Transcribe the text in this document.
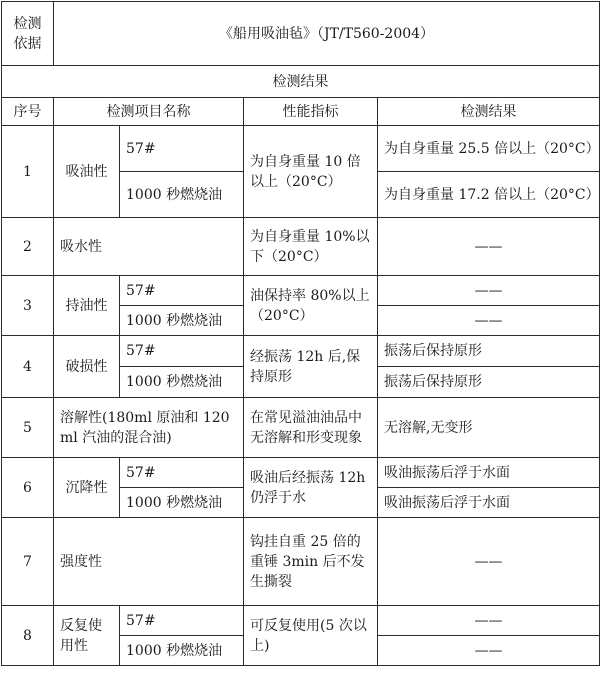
检测依据	《船用吸油毡》（JT/T560-2004）			
检测结果				
序号	检测项目名称		性能指标	检测结果
1	吸油性	57#	为自身重量 10 倍以上（20°C）	为自身重量 25.5 倍以上（20°C）
		1000 秒燃烧油		为自身重量 17.2 倍以上（20°C）
2	吸水性		为自身重量 10%以下（20°C）	——
3	持油性	57#	油保持率 80%以上（20°C）	——
		1000 秒燃烧油		——
4	破损性	57#	经振荡 12h 后,保持原形	振荡后保持原形
		1000 秒燃烧油		振荡后保持原形
5	溶解性(180ml 原油和 120ml 汽油的混合油)		在常见溢油油品中无溶解和形变现象	无溶解,无变形
6	沉降性	57#	吸油后经振荡 12h 仍浮于水	吸油振荡后浮于水面
		1000 秒燃烧油		吸油振荡后浮于水面
7	强度性		钩挂自重 25 倍的重锤 3min 后不发生撕裂	——
8	反复使用性	57#	可反复使用(5 次以上)	——
		1000 秒燃烧油		——
